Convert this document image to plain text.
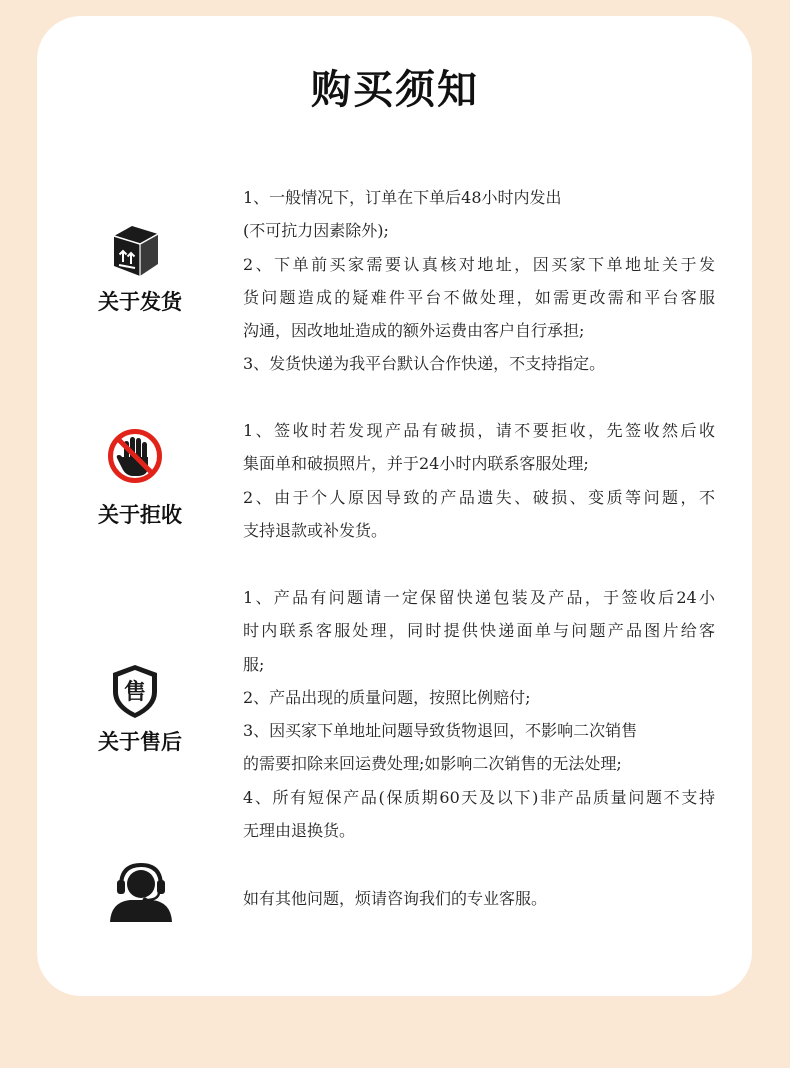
购买须知
关于发货
1、一般情况下，订单在下单后48小时内发出
(不可抗力因素除外);
2、下单前买家需要认真核对地址，因买家下单地址关于发
货问题造成的疑难件平台不做处理，如需更改需和平台客服
沟通，因改地址造成的额外运费由客户自行承担;
3、发货快递为我平台默认合作快递，不支持指定。
关于拒收
1、签收时若发现产品有破损，请不要拒收，先签收然后收
集面单和破损照片，并于24小时内联系客服处理;
2、由于个人原因导致的产品遗失、破损、变质等问题，不
支持退款或补发货。
售
关于售后
1、产品有问题请一定保留快递包装及产品，于签收后24小
时内联系客服处理，同时提供快递面单与问题产品图片给客
服;
2、产品出现的质量问题，按照比例赔付;
3、因买家下单地址问题导致货物退回，不影响二次销售
的需要扣除来回运费处理;如影响二次销售的无法处理;
4、所有短保产品(保质期60天及以下)非产品质量问题不支持
无理由退换货。
如有其他问题，烦请咨询我们的专业客服。
